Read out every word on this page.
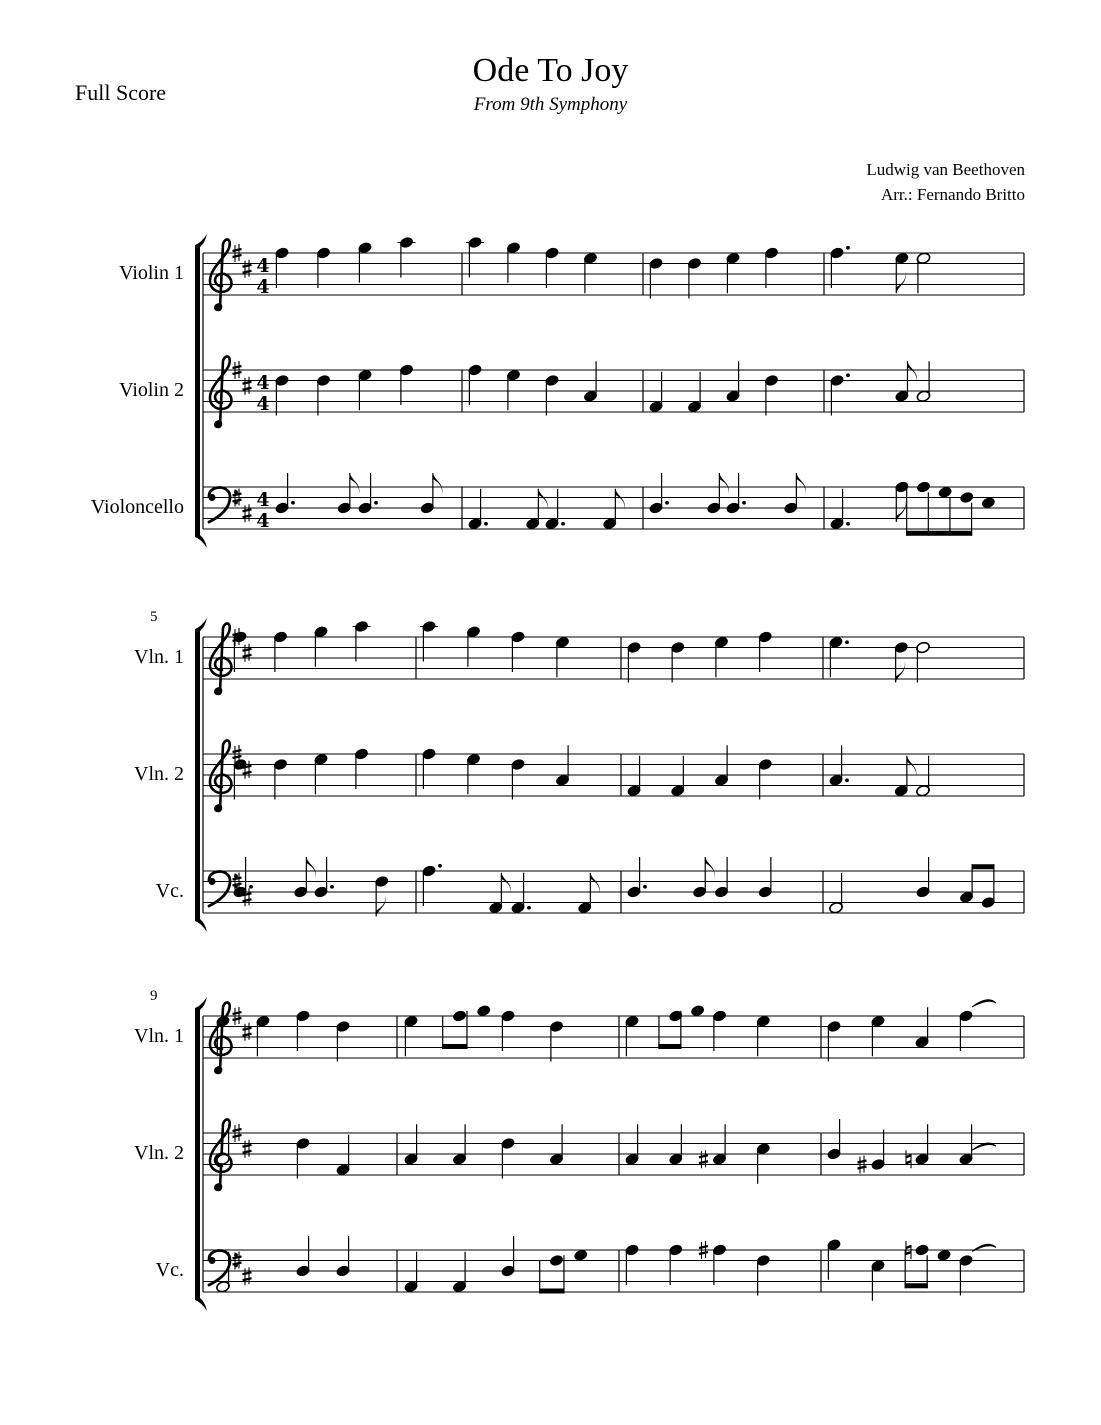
Full Score
Ode To Joy
From 9th Symphony
Ludwig van Beethoven
Arr.: Fernando Britto
Violin 1	4
4
Violin 2	4
4
Violoncello	4
4
5
Vln. 1
Vln. 2
Vc.
9
Vln. 1
Vln. 2
Vc.
